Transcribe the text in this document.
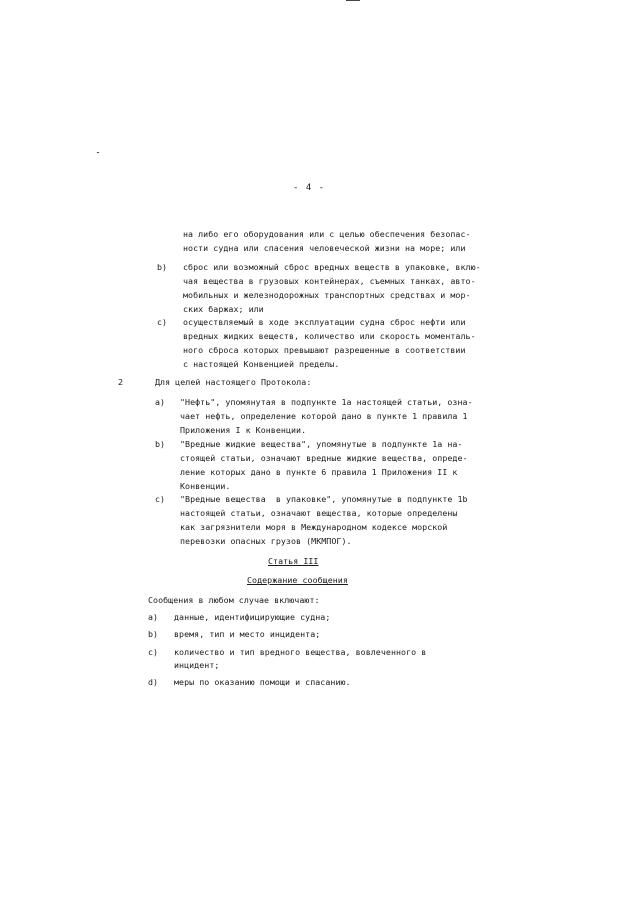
- 4 -
на либо его оборудования или с целью обеспечения безопас-
ности судна или спасения человеческой жизни на море; или
b) сброс или возможный сброс вредных веществ в упаковке, вклю-
чая вещества в грузовых контейнерах, съемных танках, авто-
мобильных и железнодорожных транспортных средствах и мор-
ских баржах; или
c) осуществляемый в ходе эксплуатации судна сброс нефти или
вредных жидких веществ, количество или скорость моменталь-
ного сброса которых превышают разрешенные в соответствии
с настоящей Конвенцией пределы.
2	Для целей настоящего Протокола:
a) "Нефть", упомянутая в подпункте 1a настоящей статьи, озна-
чает нефть, определение которой дано в пункте 1 правила 1
Приложения I к Конвенции.
b) "Вредные жидкие вещества", упомянутые в подпункте 1a на-
стоящей статьи, означают вредные жидкие вещества, опреде-
ление которых дано в пункте 6 правила 1 Приложения II к
Конвенции.
c) "Вредные вещества  в упаковке", упомянутые в подпункте 1b
настоящей статьи, означают вещества, которые определены
как загрязнители моря в Международном кодексе морской
перевозки опасных грузов (МКМПОГ).
Статья III
Содержание сообщения
Сообщения в любом случае включают:
a) данные, идентифицирующие судна;
b) время, тип и место инцидента;
c) количество и тип вредного вещества, вовлеченного в
инцидент;
d) меры по оказанию помощи и спасанию.
